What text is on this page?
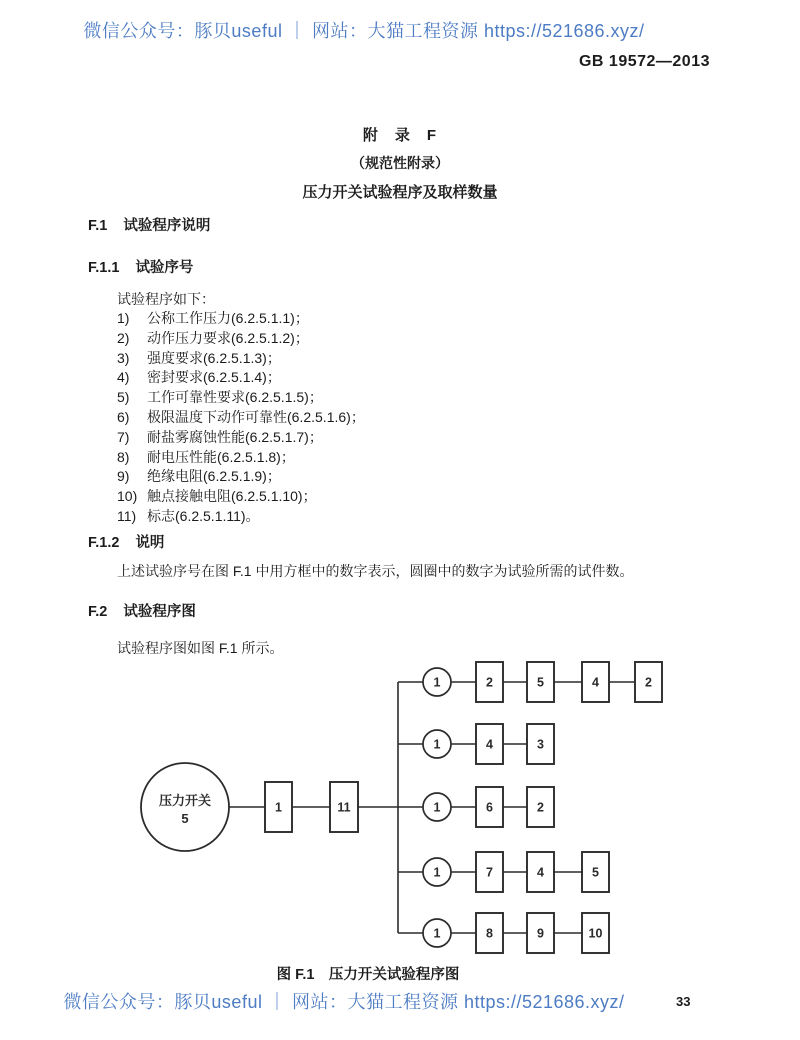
微信公众号：豚贝useful ｜ 网站：大猫工程资源 https://521686.xyz/
GB 19572—2013
附　录　F
（规范性附录）
压力开关试验程序及取样数量
F.1 试验程序说明
F.1.1 试验序号
试验程序如下：
1) 公称工作压力(6.2.5.1.1)；
2) 动作压力要求(6.2.5.1.2)；
3) 强度要求(6.2.5.1.3)；
4) 密封要求(6.2.5.1.4)；
5) 工作可靠性要求(6.2.5.1.5)；
6) 极限温度下动作可靠性(6.2.5.1.6)；
7) 耐盐雾腐蚀性能(6.2.5.1.7)；
8) 耐电压性能(6.2.5.1.8)；
9) 绝缘电阻(6.2.5.1.9)；
10) 触点接触电阻(6.2.5.1.10)；
11) 标志(6.2.5.1.11)。
F.1.2 说明
上述试验序号在图 F.1 中用方框中的数字表示，圆圈中的数字为试验所需的试件数。
F.2 试验程序图
试验程序图如图 F.1 所示。
压力开关
5
1	11
1	2	5	4	2
1	4	3
1	6	2
1	7	4	5
1	8	9	10
图 F.1　压力开关试验程序图
微信公众号：豚贝useful ｜ 网站：大猫工程资源 https://521686.xyz/	33
